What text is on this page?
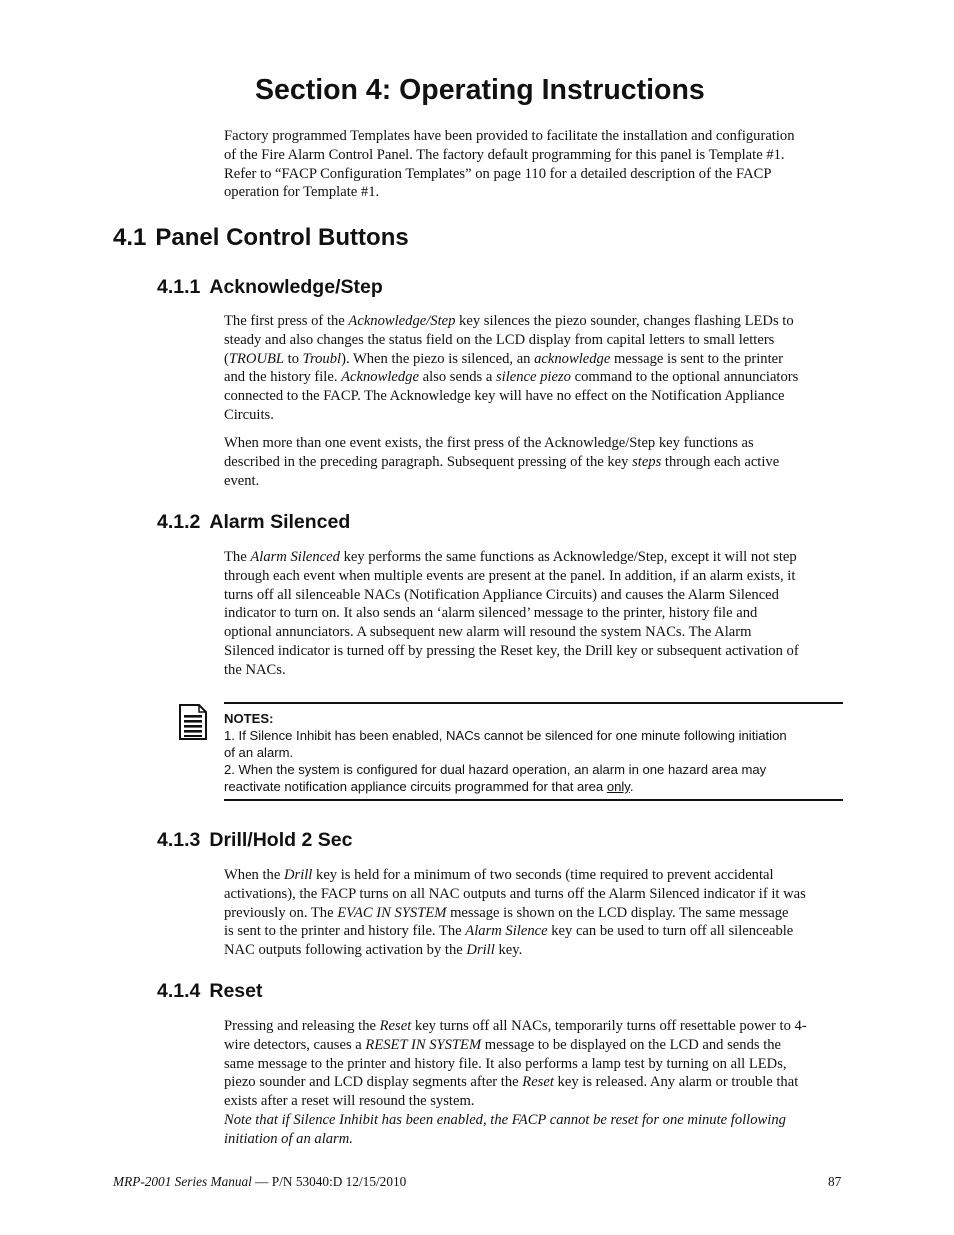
Section 4: Operating Instructions
Factory programmed Templates have been provided to facilitate the installation and configuration
of the Fire Alarm Control Panel. The factory default programming for this panel is Template #1.
Refer to “FACP Configuration Templates” on page 110 for a detailed description of the FACP
operation for Template #1.
4.1 Panel Control Buttons
4.1.1 Acknowledge/Step
The first press of the Acknowledge/Step key silences the piezo sounder, changes flashing LEDs to
steady and also changes the status field on the LCD display from capital letters to small letters
(TROUBL to Troubl). When the piezo is silenced, an acknowledge message is sent to the printer
and the history file. Acknowledge also sends a silence piezo command to the optional annunciators
connected to the FACP. The Acknowledge key will have no effect on the Notification Appliance
Circuits.
When more than one event exists, the first press of the Acknowledge/Step key functions as
described in the preceding paragraph. Subsequent pressing of the key steps through each active
event.
4.1.2 Alarm Silenced
The Alarm Silenced key performs the same functions as Acknowledge/Step, except it will not step
through each event when multiple events are present at the panel. In addition, if an alarm exists, it
turns off all silenceable NACs (Notification Appliance Circuits) and causes the Alarm Silenced
indicator to turn on. It also sends an ‘alarm silenced’ message to the printer, history file and
optional annunciators. A subsequent new alarm will resound the system NACs. The Alarm
Silenced indicator is turned off by pressing the Reset key, the Drill key or subsequent activation of
the NACs.
NOTES:
1. If Silence Inhibit has been enabled, NACs cannot be silenced for one minute following initiation
of an alarm.
2. When the system is configured for dual hazard operation, an alarm in one hazard area may
reactivate notification appliance circuits programmed for that area only.
4.1.3 Drill/Hold 2 Sec
When the Drill key is held for a minimum of two seconds (time required to prevent accidental
activations), the FACP turns on all NAC outputs and turns off the Alarm Silenced indicator if it was
previously on. The EVAC IN SYSTEM message is shown on the LCD display. The same message
is sent to the printer and history file. The Alarm Silence key can be used to turn off all silenceable
NAC outputs following activation by the Drill key.
4.1.4 Reset
Pressing and releasing the Reset key turns off all NACs, temporarily turns off resettable power to 4-
wire detectors, causes a RESET IN SYSTEM message to be displayed on the LCD and sends the
same message to the printer and history file. It also performs a lamp test by turning on all LEDs,
piezo sounder and LCD display segments after the Reset key is released. Any alarm or trouble that
exists after a reset will resound the system.
Note that if Silence Inhibit has been enabled, the FACP cannot be reset for one minute following
initiation of an alarm.
MRP-2001 Series Manual — P/N 53040:D 12/15/2010	87
